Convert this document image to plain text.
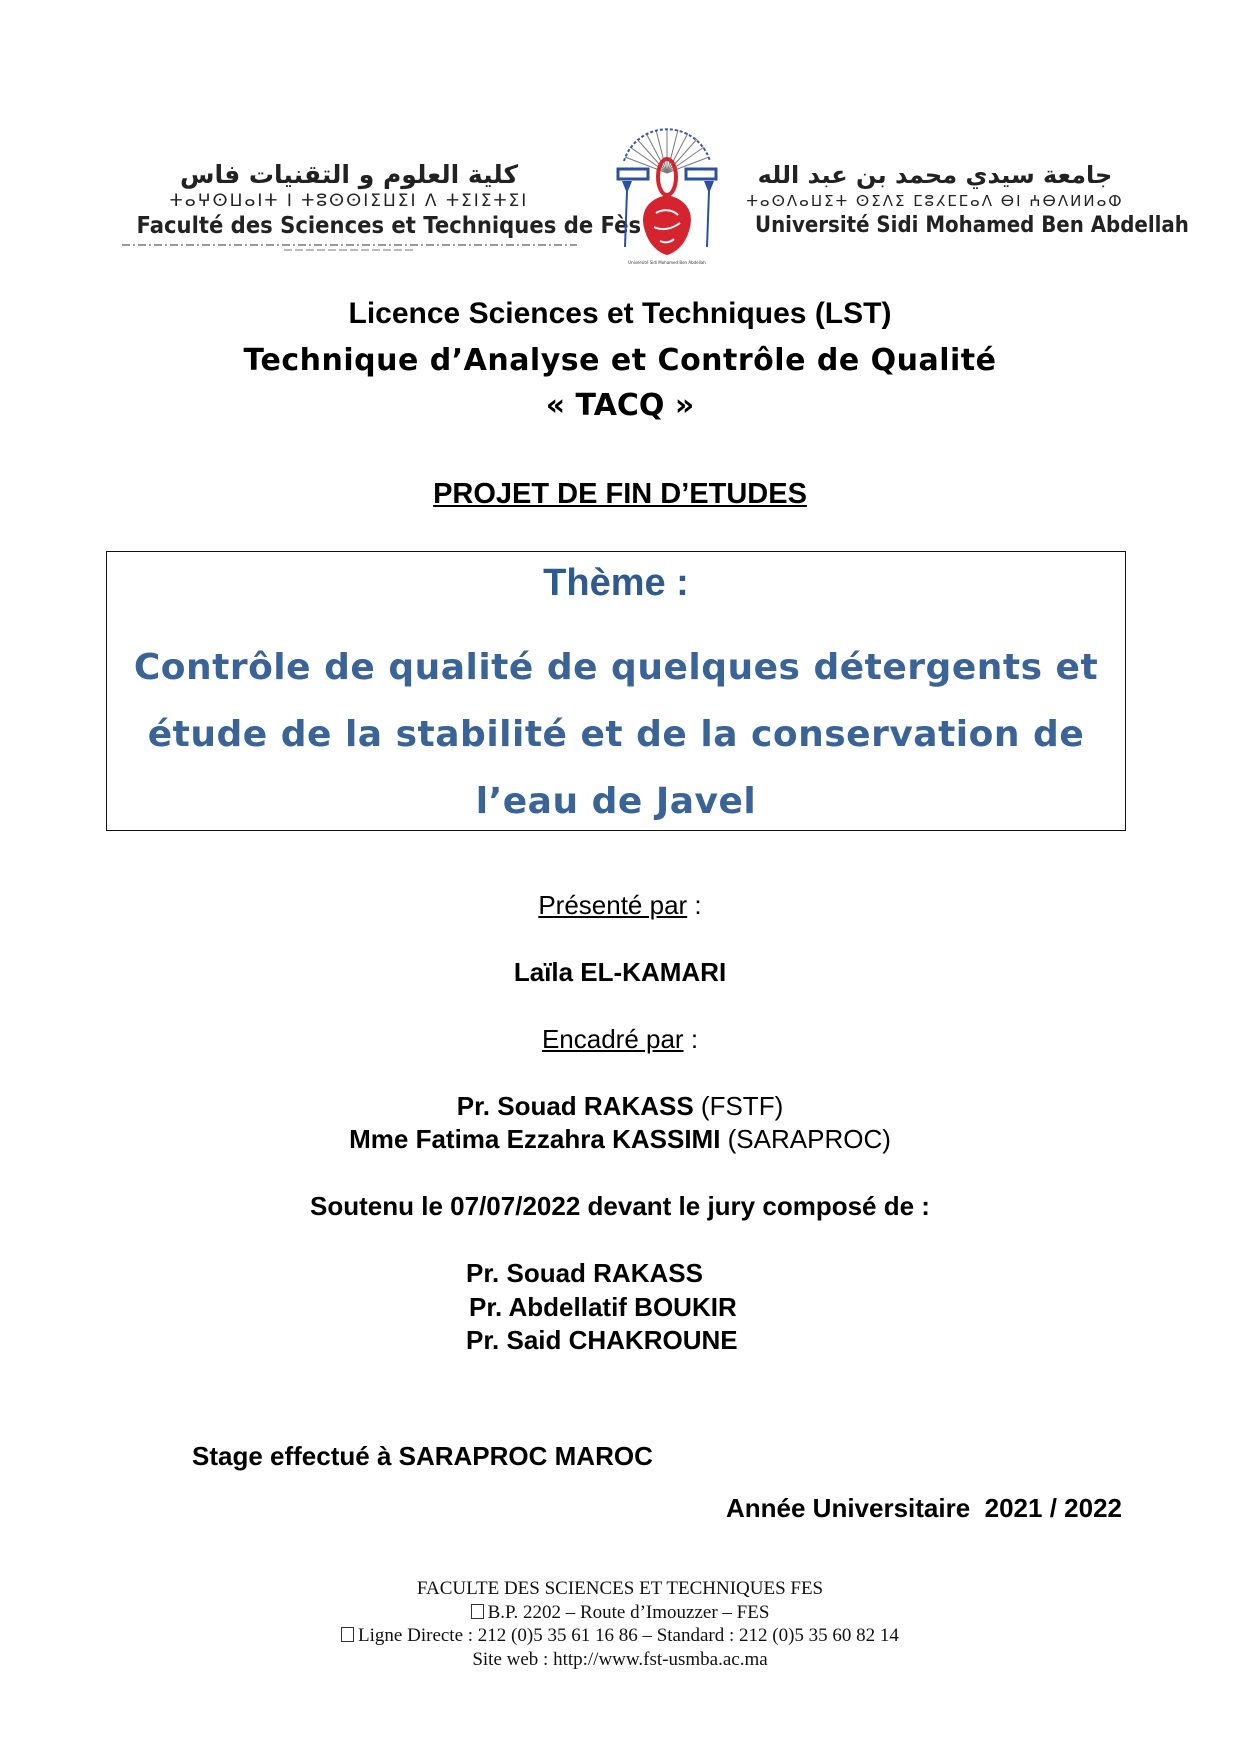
كلية العلوم و التقنيات فاس
ⵜⴰⵖⵙⵡⴰⵏⵜ ⵏ ⵜⵓⵙⵙⵏⵉⵡⵉⵏ ⴷ ⵜⵉⵏⵉⵜⵉⵏ
Faculté des Sciences et Techniques de Fès
Université Sidi Mohamed Ben Abdellah
جامعة سيدي محمد بن عبد الله
ⵜⴰⵙⴷⴰⵡⵉⵜ ⵙⵉⴷⵉ ⵎⵓⵃⵎⵎⴰⴷ ⴱⵏ ⵄⴱⴷⵍⵍⴰⵀ
Université Sidi Mohamed Ben Abdellah
Licence Sciences et Techniques (LST)
Technique d’Analyse et Contrôle de Qualité
« TACQ »
PROJET DE FIN D’ETUDES
Thème :
Contrôle de qualité de quelques détergents et étude de la stabilité et de la conservation de l’eau de Javel
Présenté par :
Laïla EL-KAMARI
Encadré par :
Pr. Souad RAKASS (FSTF)
Mme Fatima Ezzahra KASSIMI (SARAPROC)
Soutenu le 07/07/2022 devant le jury composé de :
Pr. Souad RAKASS
Pr. Abdellatif BOUKIR
Pr. Said CHAKROUNE
Stage effectué à SARAPROC MAROC
Année Universitaire  2021 / 2022
FACULTE DES SCIENCES ET TECHNIQUES FES
B.P. 2202 – Route d’Imouzzer – FES
Ligne Directe : 212 (0)5 35 61 16 86 – Standard : 212 (0)5 35 60 82 14
Site web : http://www.fst-usmba.ac.ma
